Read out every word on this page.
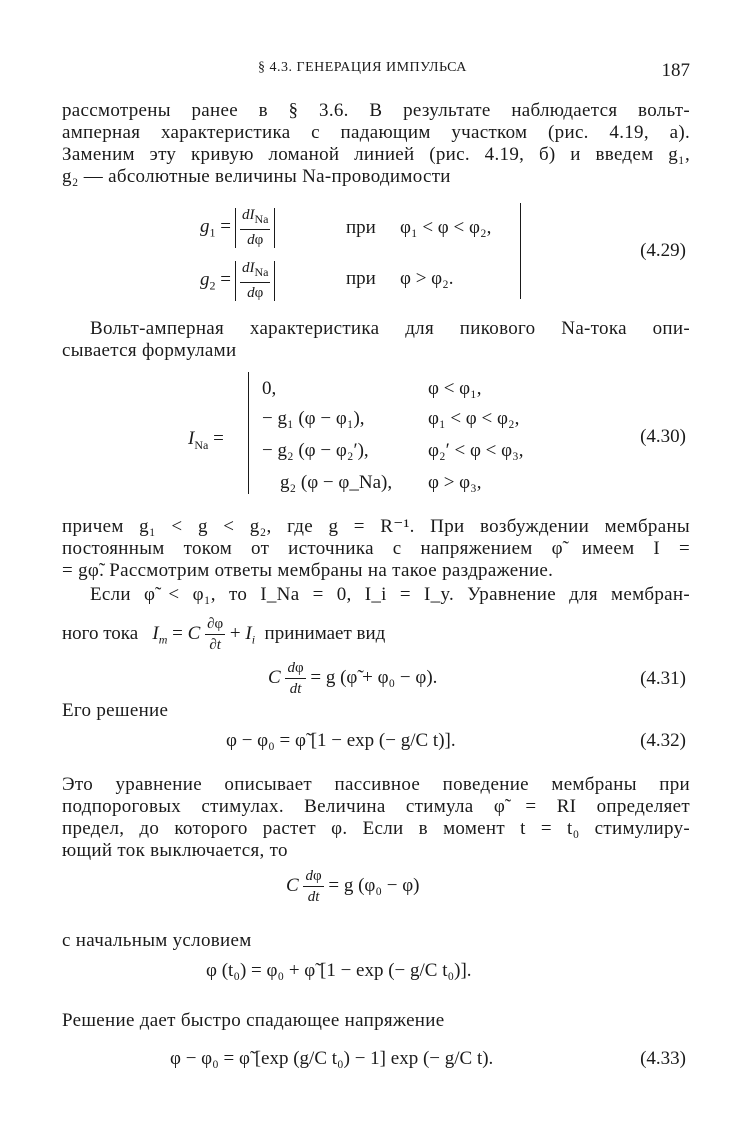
§ 4.3. ГЕНЕРАЦИЯ ИМПУЛЬСА	187
рассмотрены ранее в § 3.6. В результате наблюдается вольт-
амперная характеристика с падающим участком (рис. 4.19, а).
Заменим эту кривую ломаной линией (рис. 4.19, б) и введем g₁,
g₂ — абсолютные величины Na-проводимости
$g_1 = \frac{dI_{Na}}{d\varphi}$	при φ₁ < φ < φ₂,
$g_2 = \frac{dI_{Na}}{d\varphi}$	при φ > φ₂.
(4.29)
Вольт-амперная характеристика для пикового Na-тока опи-
сывается формулами
$I_{Na}$ =
0,	φ < φ₁,
− g₁ (φ − φ₁),	φ₁ < φ < φ₂,
− g₂ (φ − φ₂′),	φ₂′ < φ < φ₃,
g₂ (φ − φ_Na), φ > φ₃,
(4.30)
причем g₁ < g < g₂, где g = R⁻¹. При возбуждении мембраны
постоянным током от источника с напряжением φ̃ имеем I =
= gφ̃. Рассмотрим ответы мембраны на такое раздражение.
Если φ̃ < φ₁, то I_Na = 0, I_i = I_y. Уравнение для мембран-
ного тока $I_m = C \frac{\partial\varphi}{\partial t} + I_i$ принимает вид
C $\frac{d\varphi}{dt} = g$ (φ̃ + φ₀ − φ).	(4.31)
Его решение
φ − φ₀ = φ̃ [1 − exp (− g/C t)].	(4.32)
Это уравнение описывает пассивное поведение мембраны при
подпороговых стимулах. Величина стимула φ̃ = RI определяет
предел, до которого растет φ. Если в момент t = t₀ стимулиру-
ющий ток выключается, то
C $\frac{d\varphi}{dt} = g$ (φ₀ − φ)
с начальным условием
φ (t₀) = φ₀ + φ̃ [1 − exp (− g/C t₀)].
Решение дает быстро спадающее напряжение
φ − φ₀ = φ̃ [exp (g/C t₀) − 1] exp (− g/C t).	(4.33)
